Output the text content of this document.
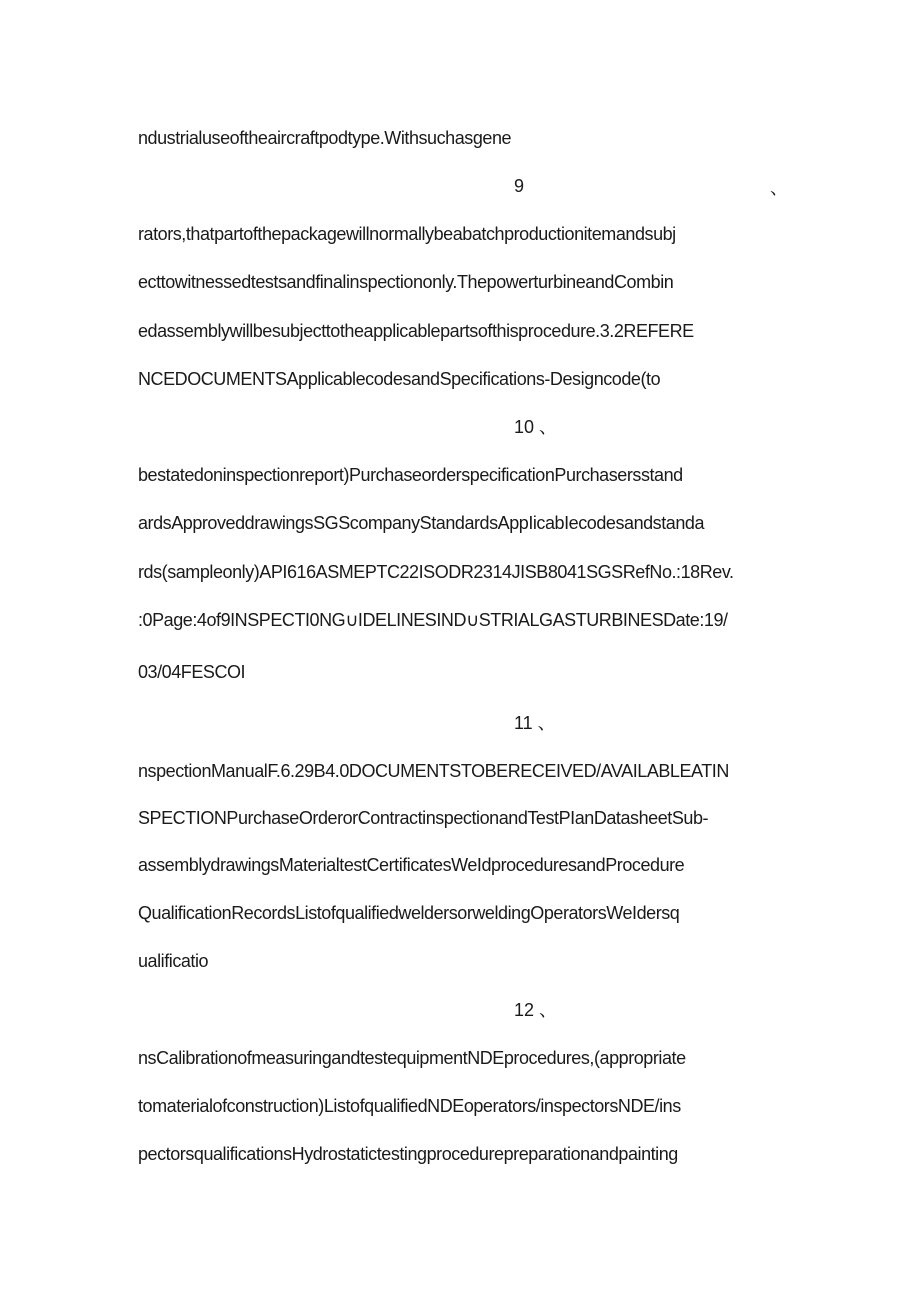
ndustrialuseoftheaircraftpodtype.Withsuchasgene
9	、
rators,thatpartofthepackagewillnormallybeabatchproductionitemandsubj
ecttowitnessedtestsandfinalinspectiononly.ThepowerturbineandCombin
edassemblywillbesubjecttotheapplicablepartsofthisprocedure.3.2REFERE
NCEDOCUMENTSApplicablecodesandSpecifications-Designcode(to
10 、
bestatedoninspectionreport)PurchaseorderspecificationPurchasersstand
ardsApproveddrawingsSGScompanyStandardsAppIicabIecodesandstanda
rds(sampleonly)API616ASMEPTC22ISODR2314JISB8041SGSRefNo.:18Rev.
:0Page:4of9INSPECTI0NG∪IDELINESIND∪STRIALGASTURBINESDate:19/
03/04FESCOI
11 、
nspectionManualF.6.29B4.0DOCUMENTSTOBERECEIVED/AVAILABLEATIN
SPECTIONPurchaseOrderorContractinspectionandTestPIanDatasheetSub-
assemblydrawingsMaterialtestCertificatesWeIdproceduresandProcedure
QualificationRecordsListofqualifiedweldersorweldingOperatorsWeIdersq
ualificatio
12 、
nsCalibrationofmeasuringandtestequipmentNDEprocedures,(appropriate
tomaterialofconstruction)ListofqualifiedNDEoperators/inspectorsNDE/ins
pectorsqualificationsHydrostatictestingprocedurepreparationandpainting
